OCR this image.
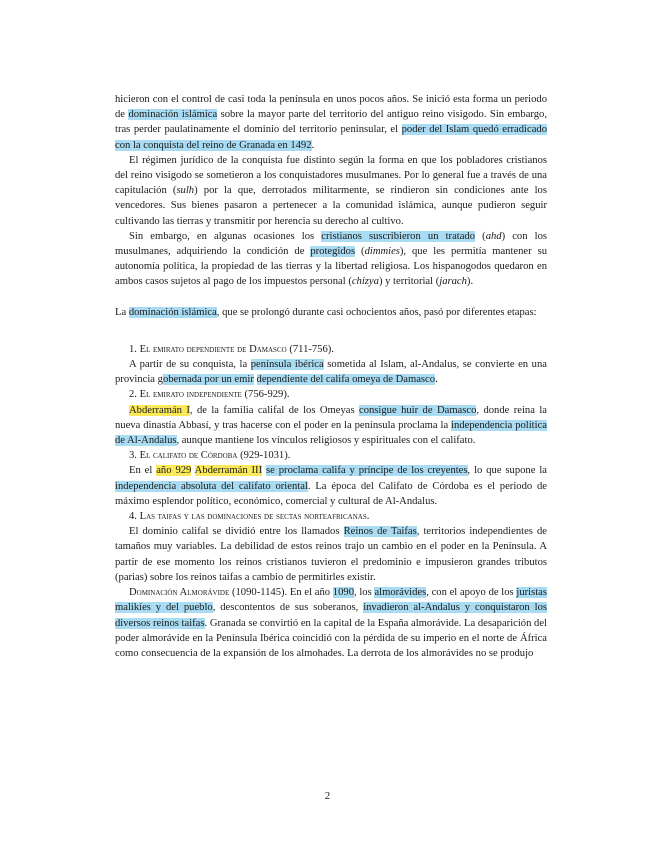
hicieron con el control de casi toda la península en unos pocos años. Se inició esta forma un periodo de dominación islámica sobre la mayor parte del territorio del antiguo reino visigodo. Sin embargo, tras perder paulatinamente el dominio del territorio peninsular, el poder del Islam quedó erradicado con la conquista del reino de Granada en 1492.

El régimen jurídico de la conquista fue distinto según la forma en que los pobladores cristianos del reino visigodo se sometieron a los conquistadores musulmanes. Por lo general fue a través de una capitulación (sulh) por la que, derrotados militarmente, se rindieron sin condiciones ante los vencedores. Sus bienes pasaron a pertenecer a la comunidad islámica, aunque pudieron seguir cultivando las tierras y transmitir por herencia su derecho al cultivo.

Sin embargo, en algunas ocasiones los cristianos suscribieron un tratado (ahd) con los musulmanes, adquiriendo la condición de protegidos (dimmies), que les permitía mantener su autonomía política, la propiedad de las tierras y la libertad religiosa. Los hispanogodos quedaron en ambos casos sujetos al pago de los impuestos personal (chizya) y territorial (jarach).

La dominación islámica, que se prolongó durante casi ochocientos años, pasó por diferentes etapas:

1. El emirato dependiente de Damasco (711-756).

A partir de su conquista, la península ibérica sometida al Islam, al-Andalus, se convierte en una provincia gobernada por un emir dependiente del califa omeya de Damasco.

2. El emirato independiente (756-929).

Abderramán I, de la familia califal de los Omeyas consigue huir de Damasco, donde reina la nueva dinastía Abbasí, y tras hacerse con el poder en la península proclama la independencia política de Al-Andalus, aunque mantiene los vínculos religiosos y espirituales con el califato.

3. El califato de Córdoba (929-1031).

En el año 929 Abderramán III se proclama califa y príncipe de los creyentes, lo que supone la independencia absoluta del califato oriental. La época del Califato de Córdoba es el periodo de máximo esplendor político, económico, comercial y cultural de Al-Andalus.

4. Las taifas y las dominaciones de sectas norteafricanas.

El dominio califal se dividió entre los llamados Reinos de Taifas, territorios independientes de tamaños muy variables. La debilidad de estos reinos trajo un cambio en el poder en la Península. A partir de ese momento los reinos cristianos tuvieron el predominio e impusieron grandes tributos (parias) sobre los reinos taifas a cambio de permitirles existir.

Dominación Almorávide (1090-1145). En el año 1090, los almorávides, con el apoyo de los juristas malikíes y del pueblo, descontentos de sus soberanos, invadieron al-Andalus y conquistaron los diversos reinos taifas. Granada se convirtió en la capital de la España almorávide. La desaparición del poder almorávide en la Península Ibérica coincidió con la pérdida de su imperio en el norte de África como consecuencia de la expansión de los almohades. La derrota de los almorávides no se produjo

2
